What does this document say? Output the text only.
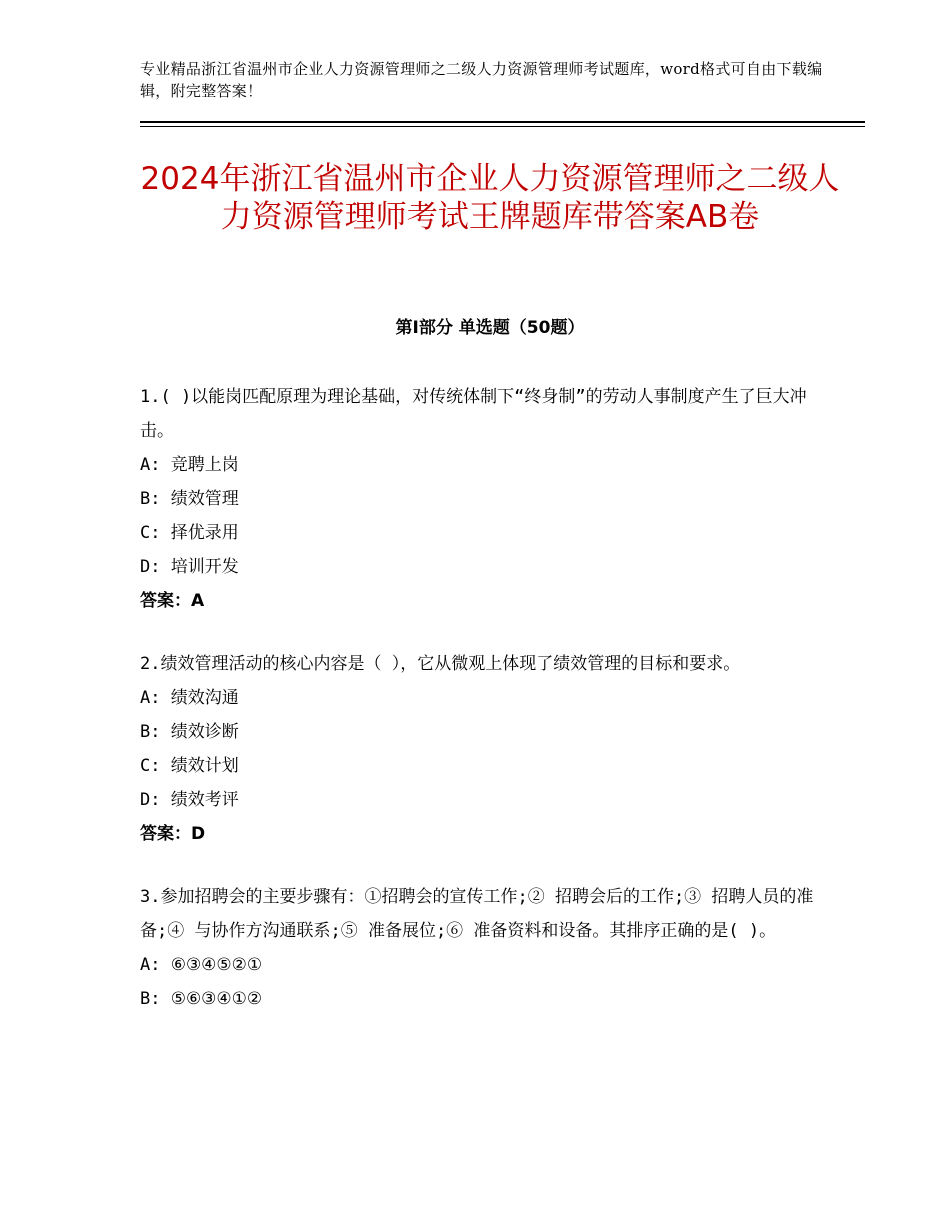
专业精品浙江省温州市企业人力资源管理师之二级人力资源管理师考试题库，word格式可自由下载编辑，附完整答案！
2024年浙江省温州市企业人力资源管理师之二级人力资源管理师考试王牌题库带答案AB卷
第Ⅰ部分 单选题（50题）

1.( )以能岗匹配原理为理论基础，对传统体制下“终身制”的劳动人事制度产生了巨大冲击。

A: 竞聘上岗

B: 绩效管理

C: 择优录用

D: 培训开发

答案：A

2.绩效管理活动的核心内容是（ ），它从微观上体现了绩效管理的目标和要求。

A: 绩效沟通

B: 绩效诊断

C: 绩效计划

D: 绩效考评

答案：D

3.参加招聘会的主要步骤有：①招聘会的宣传工作;② 招聘会后的工作;③ 招聘人员的准备;④ 与协作方沟通联系;⑤ 准备展位;⑥ 准备资料和设备。其排序正确的是( )。

A: ⑥③④⑤②①

B: ⑤⑥③④①②
